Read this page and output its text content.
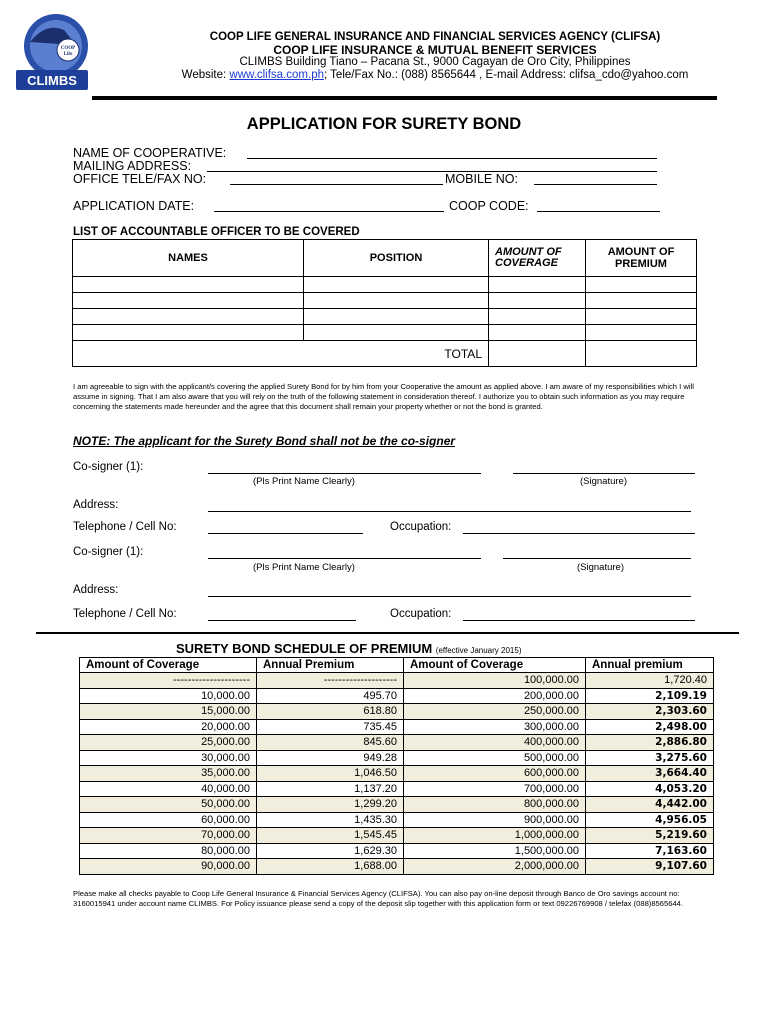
COOP
Life
CLIMBS
COOP LIFE GENERAL INSURANCE AND FINANCIAL SERVICES AGENCY (CLIFSA)
COOP LIFE INSURANCE & MUTUAL BENEFIT SERVICES
CLIMBS Building Tiano – Pacana St., 9000 Cagayan de Oro City, Philippines
Website: www.clifsa.com.ph; Tele/Fax No.: (088) 8565644 , E-mail Address: clifsa_cdo@yahoo.com
APPLICATION FOR SURETY BOND
NAME OF COOPERATIVE:
MAILING ADDRESS:
OFFICE TELE/FAX NO:	MOBILE NO:
APPLICATION DATE:	COOP CODE:
LIST OF ACCOUNTABLE OFFICER TO BE COVERED
NAMES	POSITION	AMOUNT OF COVERAGE	AMOUNT OF PREMIUM

TOTAL			
I am agreeable to sign with the applicant/s covering the applied Surety Bond for by him from your Cooperative the amount as applied above. I am aware of my responsibilities which I will assume in signing. That I am also aware that you will rely on the truth of the following statement in consideration thereof. I authorize you to obtain such information as you may require concerning the statements made hereunder and the agree that this document shall remain your property whether or not the bond is granted.
NOTE: The applicant for the Surety Bond shall not be the co-signer
Co-signer (1):
(Pls Print Name Clearly)	(Signature)
Address:
Telephone / Cell No:	Occupation:
Co-signer (1):
(Pls Print Name Clearly)	(Signature)
Address:
Telephone / Cell No:	Occupation:
SURETY BOND SCHEDULE OF PREMIUM (effective January 2015)
Amount of Coverage	Annual Premium	Amount of Coverage	Annual premium
---------------------	--------------------	100,000.00	1,720.40
10,000.00	495.70	200,000.00	2,109.19
15,000.00	618.80	250,000.00	2,303.60
20,000.00	735.45	300,000.00	2,498.00
25,000.00	845.60	400,000.00	2,886.80
30,000.00	949.28	500,000.00	3,275.60
35,000.00	1,046.50	600,000.00	3,664.40
40,000.00	1,137.20	700,000.00	4,053.20
50,000.00	1,299.20	800,000.00	4,442.00
60,000.00	1,435.30	900,000.00	4,956.05
70,000.00	1,545.45	1,000,000.00	5,219.60
80,000.00	1,629.30	1,500,000.00	7,163.60
90,000.00	1,688.00	2,000,000.00	9,107.60
Please make all checks payable to Coop Life General Insurance & Financial Services Agency (CLIFSA). You can also pay on-line deposit through Banco de Oro savings account no: 3160015941 under account name CLIMBS. For Policy issuance please send a copy of the deposit slip together with this application form or text 09226769908 / telefax (088)8565644.
